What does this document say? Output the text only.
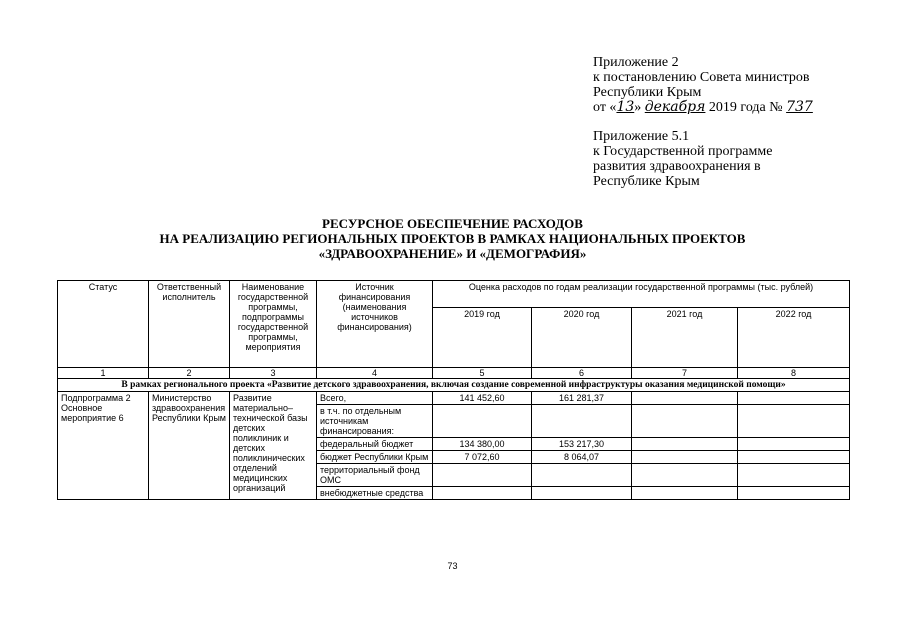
Приложение 2
к постановлению Совета министров
Республики Крым
от «13» декабря 2019 года № 737
Приложение 5.1
к Государственной программе
развития здравоохранения в
Республике Крым
РЕСУРСНОЕ ОБЕСПЕЧЕНИЕ РАСХОДОВ
НА РЕАЛИЗАЦИЮ РЕГИОНАЛЬНЫХ ПРОЕКТОВ В РАМКАХ НАЦИОНАЛЬНЫХ ПРОЕКТОВ
«ЗДРАВООХРАНЕНИЕ» И «ДЕМОГРАФИЯ»
Статус	Ответственный исполнитель	Наименование государственной программы, подпрограммы государственной программы, мероприятия	Источник финансирования (наименования источников финансирования)	Оценка расходов по годам реализации государственной программы (тыс. рублей)			
				2019 год	2020 год	2021 год	2022 год
1	2	3	4	5	6	7	8
В рамках регионального проекта «Развитие детского здравоохранения, включая создание современной инфраструктуры оказания медицинской помощи»							
Подпрограмма 2 Основное мероприятие 6	Министерство здравоохранения Республики Крым	Развитие материально–технической базы детских поликлиник и детских поликлинических отделений медицинских организаций	Всего,	141 452,60	161 281,37		
			в т.ч. по отдельным источникам финансирования:				
			федеральный бюджет	134 380,00	153 217,30		
			бюджет Республики Крым	7 072,60	8 064,07		
			территориальный фонд ОМС				
			внебюджетные средства				
73
